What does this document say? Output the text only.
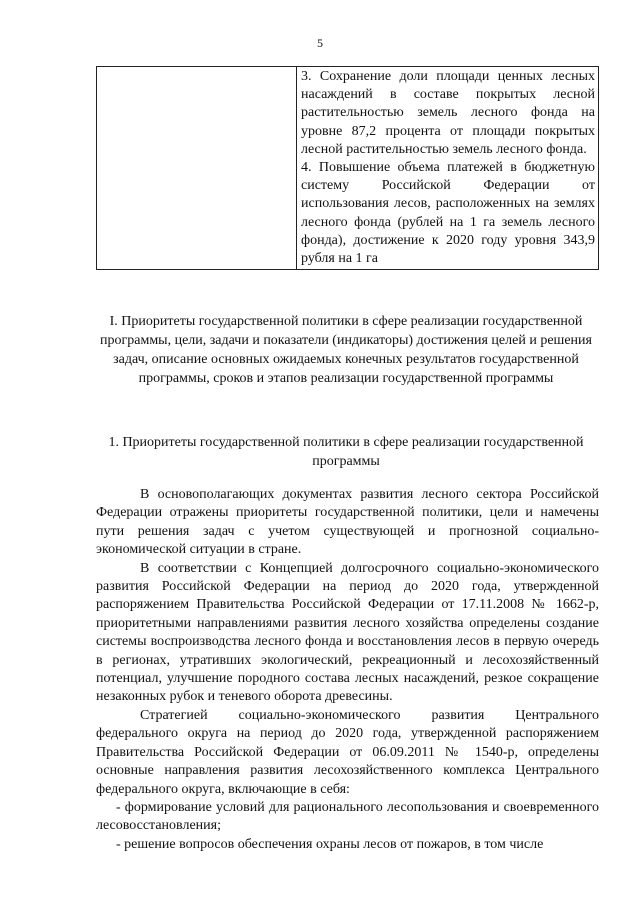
5

3. Сохранение доли площади ценных лесных насаждений в составе покрытых лесной растительностью земель лесного фонда на уровне 87,2 процента от площади покрытых лесной растительностью земель лесного фонда.

4. Повышение объема платежей в бюджетную систему Российской Федерации от использования лесов, расположенных на землях лесного фонда (рублей на 1 га земель лесного фонда), достижение к 2020 году уровня 343,9 рубля на 1 га

I. Приоритеты государственной политики в сфере реализации государственной программы, цели, задачи и показатели (индикаторы) достижения целей и решения задач, описание основных ожидаемых конечных результатов государственной программы, сроков и этапов реализации государственной программы
1. Приоритеты государственной политики в сфере реализации государственной программы

В основополагающих документах развития лесного сектора Российской Федерации отражены приоритеты государственной политики, цели и намечены пути решения задач с учетом существующей и прогнозной социально-экономической ситуации в стране.

В соответствии с Концепцией долгосрочного социально-экономического развития Российской Федерации на период до 2020 года, утвержденной распоряжением Правительства Российской Федерации от 17.11.2008 № 1662-р, приоритетными направлениями развития лесного хозяйства определены создание системы воспроизводства лесного фонда и восстановления лесов в первую очередь в регионах, утративших экологический, рекреационный и лесохозяйственный потенциал, улучшение породного состава лесных насаждений, резкое сокращение незаконных рубок и теневого оборота древесины.

Стратегией социально-экономического развития Центрального федерального округа на период до 2020 года, утвержденной распоряжением Правительства Российской Федерации от 06.09.2011 № 1540-р, определены основные направления развития лесохозяйственного комплекса Центрального федерального округа, включающие в себя:

- формирование условий для рационального лесопользования и своевременного лесовосстановления;

- решение вопросов обеспечения охраны лесов от пожаров, в том числе
